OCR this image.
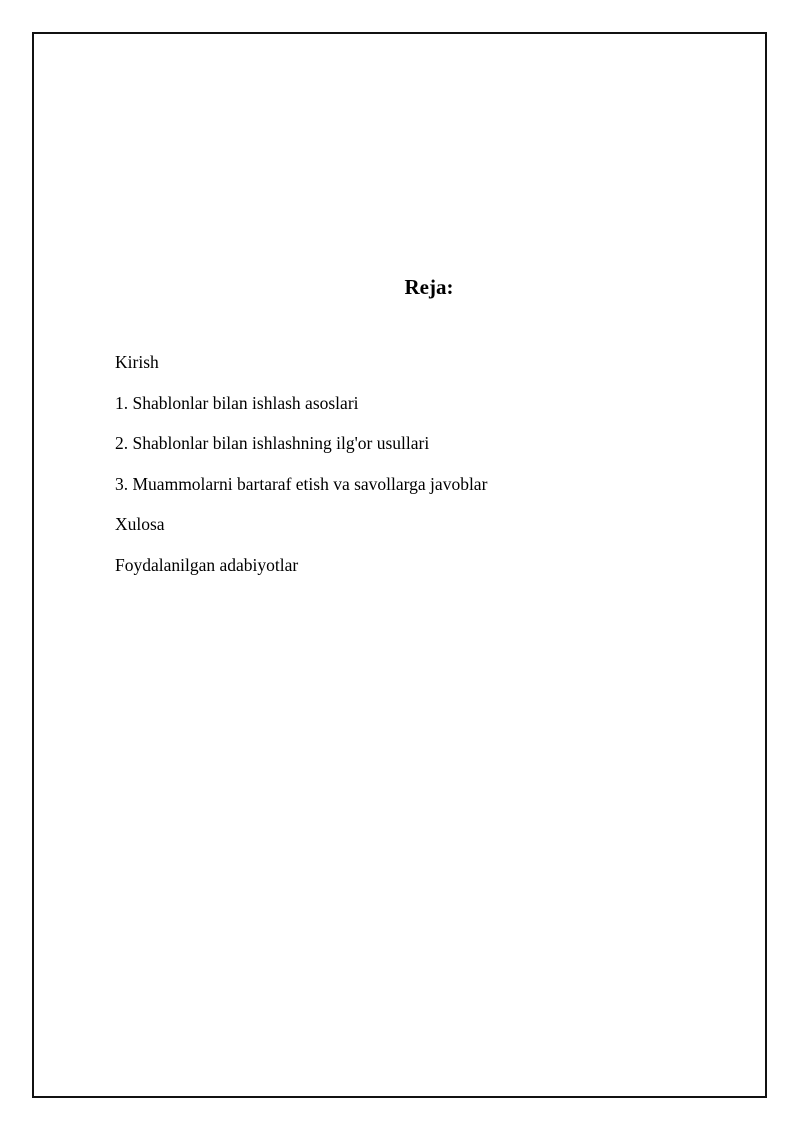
Reja:
Kirish
1. Shablonlar bilan ishlash asoslari
2. Shablonlar bilan ishlashning ilg'or usullari
3. Muammolarni bartaraf etish va savollarga javoblar
Xulosa
Foydalanilgan adabiyotlar
